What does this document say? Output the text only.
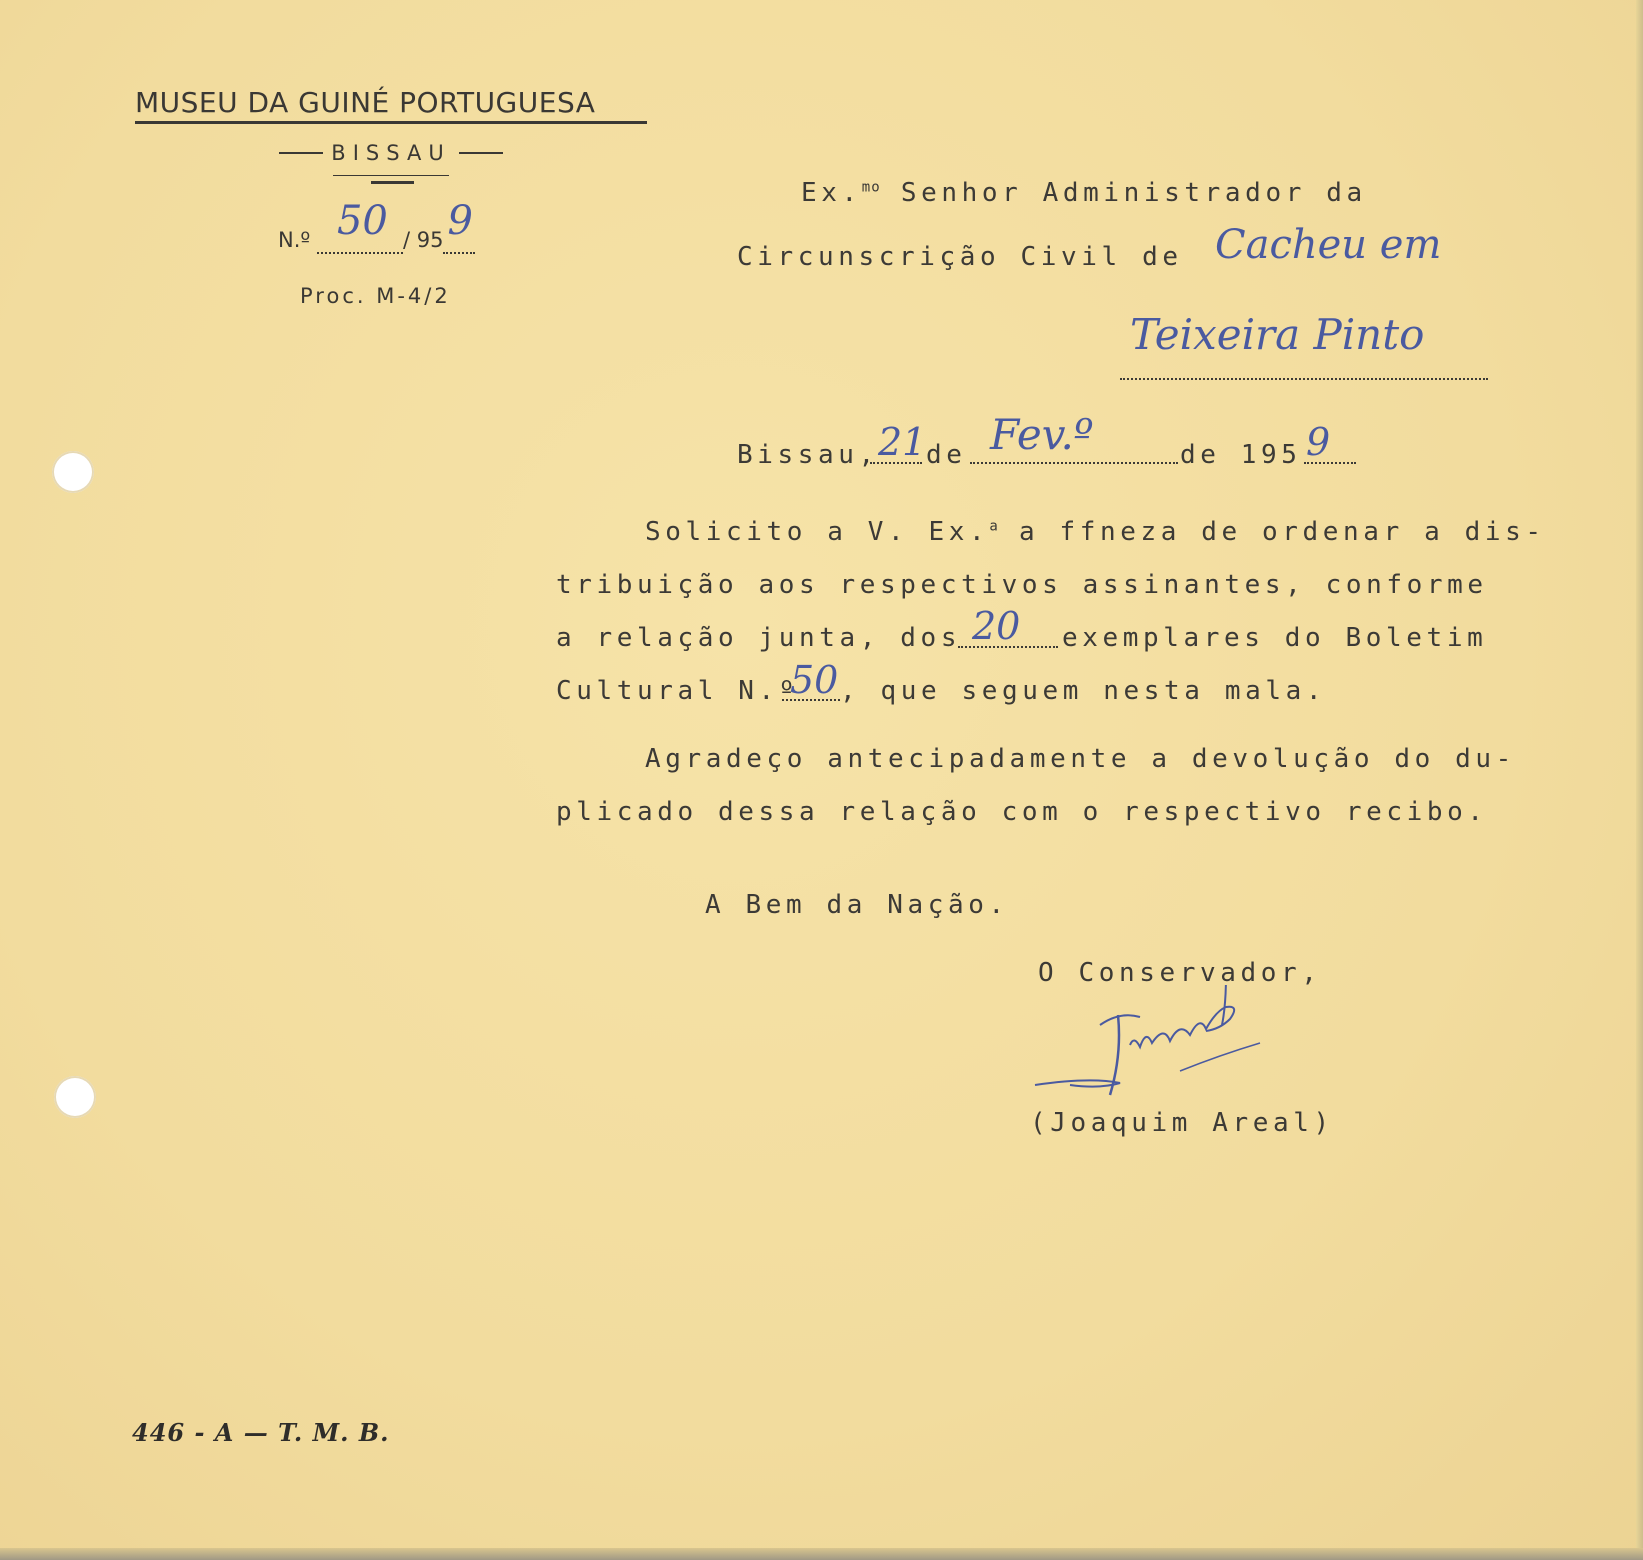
MUSEU DA GUINÉ PORTUGUESA
BISSAU
N.º 50 / 95 9

Proc. M-4/2
Ex.$^{mo}$ Senhor Administrador da
Circunscrição Civil de Cacheu em
Teixeira Pinto
Bissau, 21 de Fev.º	de 195 9
Solicito a V. Ex.$^a$ a ffneza de ordenar a dis-
tribuição aos respectivos assinantes, conforme
a relação junta, dos 20 exemplares do Boletim
Cultural N.º
50 , que seguem nesta mala.
Agradeço antecipadamente a devolução do du-
plicado dessa relação com o respectivo recibo.
A Bem da Nação.
O Conservador,
(Joaquim Areal)
446 - A — T. M. B.
